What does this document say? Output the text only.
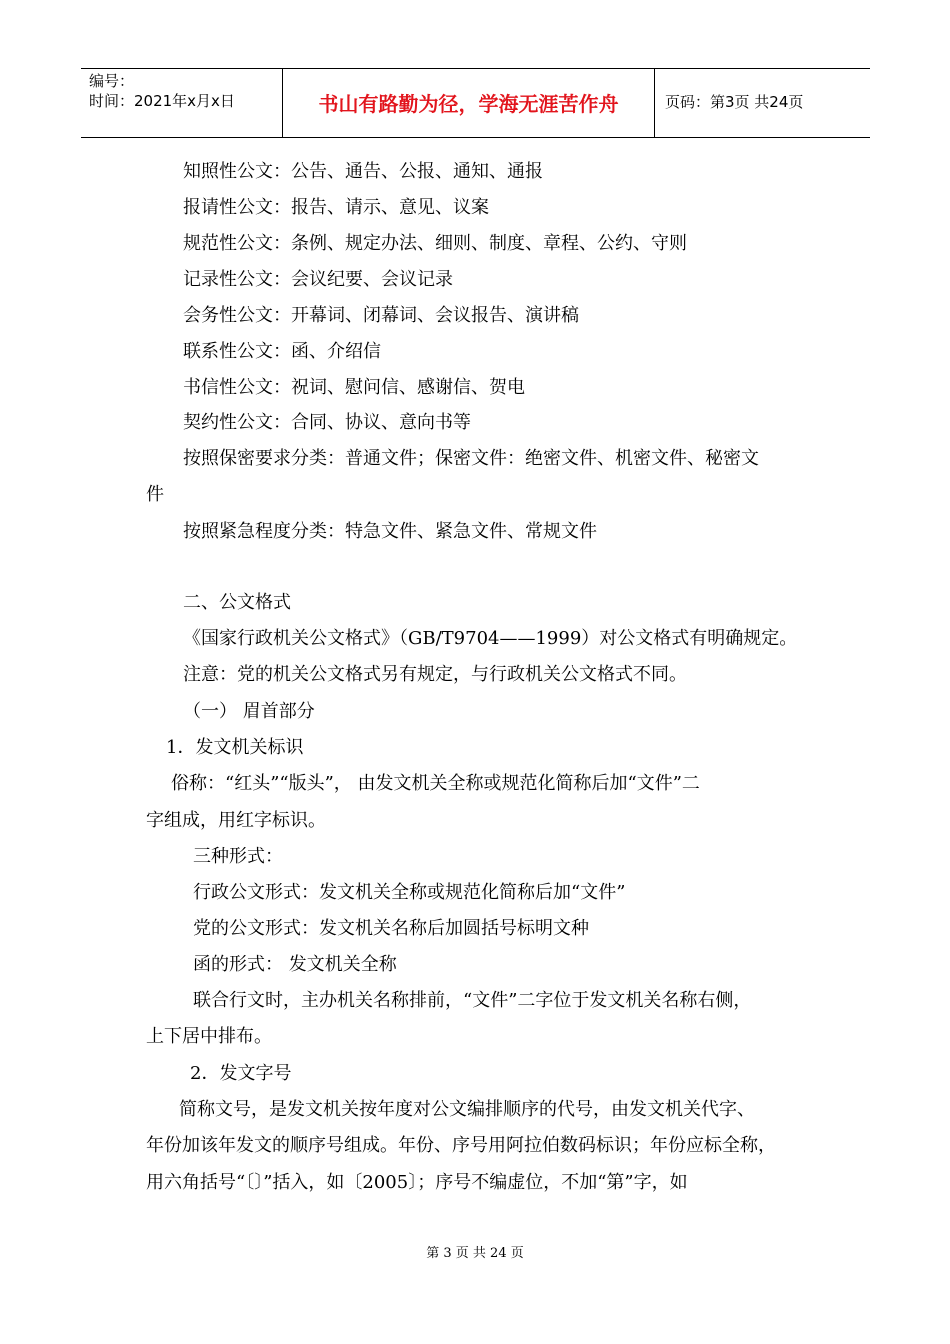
编号：
时间：2021年x月x日	书山有路勤为径，学海无涯苦作舟	页码：第3页 共24页
知照性公文：公告、通告、公报、通知、通报
报请性公文：报告、请示、意见、议案
规范性公文：条例、规定办法、细则、制度、章程、公约、守则
记录性公文：会议纪要、会议记录
会务性公文：开幕词、闭幕词、会议报告、演讲稿
联系性公文：函、介绍信
书信性公文：祝词、慰问信、感谢信、贺电
契约性公文：合同、协议、意向书等
按照保密要求分类：普通文件；保密文件：绝密文件、机密文件、秘密文
件
按照紧急程度分类：特急文件、紧急文件、常规文件
二、公文格式
《国家行政机关公文格式》（GB/T9704——1999）对公文格式有明确规定。
注意：党的机关公文格式另有规定，与行政机关公文格式不同。
（一） 眉首部分
1．发文机关标识
俗称：“红头”“版头”， 由发文机关全称或规范化简称后加“文件”二
字组成，用红字标识。
三种形式：
行政公文形式：发文机关全称或规范化简称后加“文件”
党的公文形式：发文机关名称后加圆括号标明文种
函的形式： 发文机关全称
联合行文时，主办机关名称排前，“文件”二字位于发文机关名称右侧，
上下居中排布。
2．发文字号
简称文号，是发文机关按年度对公文编排顺序的代号，由发文机关代字、
年份加该年发文的顺序号组成。年份、序号用阿拉伯数码标识；年份应标全称，
用六角括号“〔〕”括入，如〔2005〕；序号不编虚位，不加“第”字，如
第 3 页 共 24 页
